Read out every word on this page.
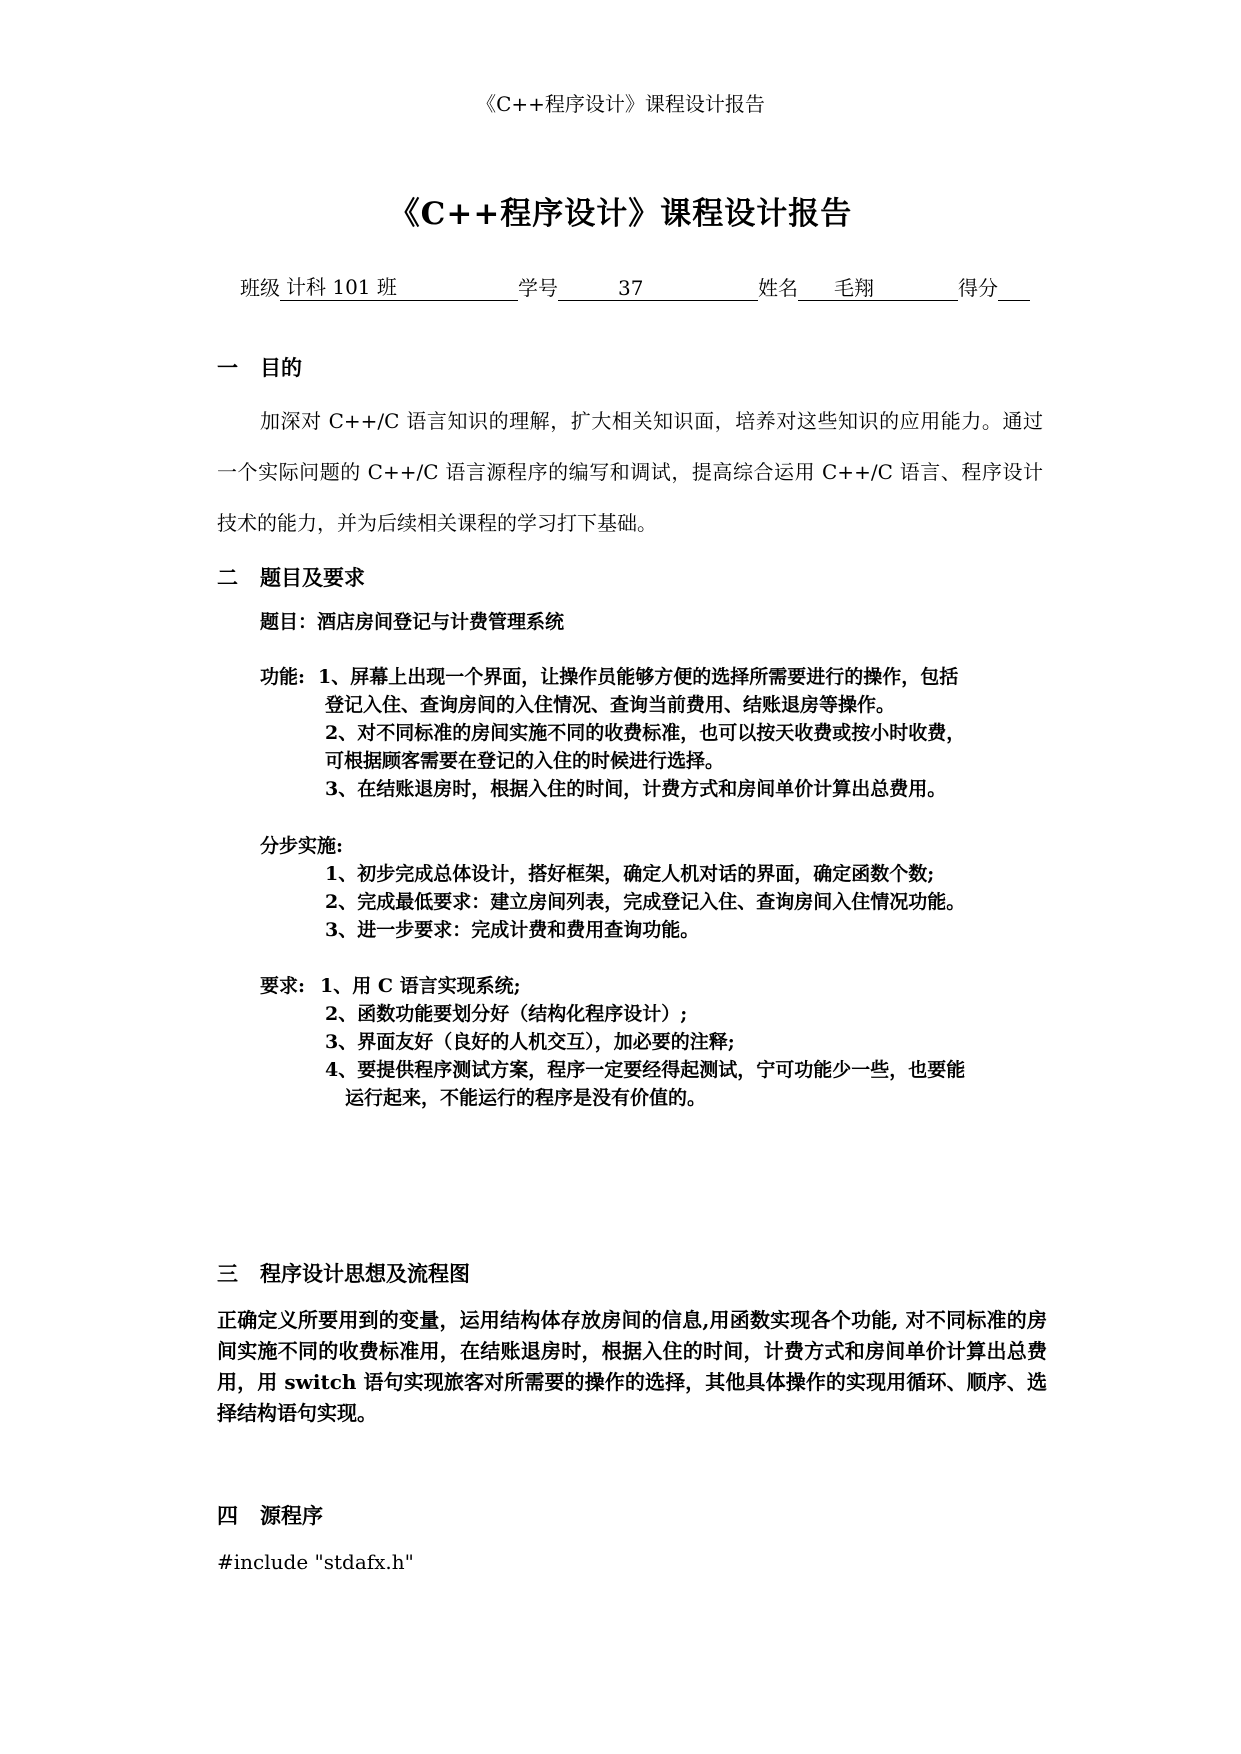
《C++程序设计》课程设计报告
《C++程序设计》课程设计报告
班级 计科 101 班	学号	37	姓名	毛翔	得分
一 目的
加深对 C++/C 语言知识的理解，扩大相关知识面，培养对这些知识的应用能力。通过一个实际问题的 C++/C 语言源程序的编写和调试，提高综合运用 C++/C 语言、程序设计技术的能力，并为后续相关课程的学习打下基础。
二 题目及要求
题目：酒店房间登记与计费管理系统
功能: 1、屏幕上出现一个界面，让操作员能够方便的选择所需要进行的操作，包括
登记入住、查询房间的入住情况、查询当前费用、结账退房等操作。
2、对不同标准的房间实施不同的收费标准，也可以按天收费或按小时收费，
可根据顾客需要在登记的入住的时候进行选择。
3、在结账退房时，根据入住的时间，计费方式和房间单价计算出总费用。
分步实施:
1、初步完成总体设计，搭好框架，确定人机对话的界面，确定函数个数;
2、完成最低要求：建立房间列表，完成登记入住、查询房间入住情况功能。
3、进一步要求：完成计费和费用查询功能。
要求: 1、用 C 语言实现系统;
2、函数功能要划分好（结构化程序设计）;
3、界面友好（良好的人机交互），加必要的注释;
4、要提供程序测试方案，程序一定要经得起测试，宁可功能少一些，也要能
运行起来，不能运行的程序是没有价值的。
三 程序设计思想及流程图
正确定义所要用到的变量，运用结构体存放房间的信息,用函数实现各个功能, 对不同标准的房间实施不同的收费标准用，在结账退房时，根据入住的时间，计费方式和房间单价计算出总费用，用 switch 语句实现旅客对所需要的操作的选择，其他具体操作的实现用循环、顺序、选择结构语句实现。
四 源程序
#include "stdafx.h"
